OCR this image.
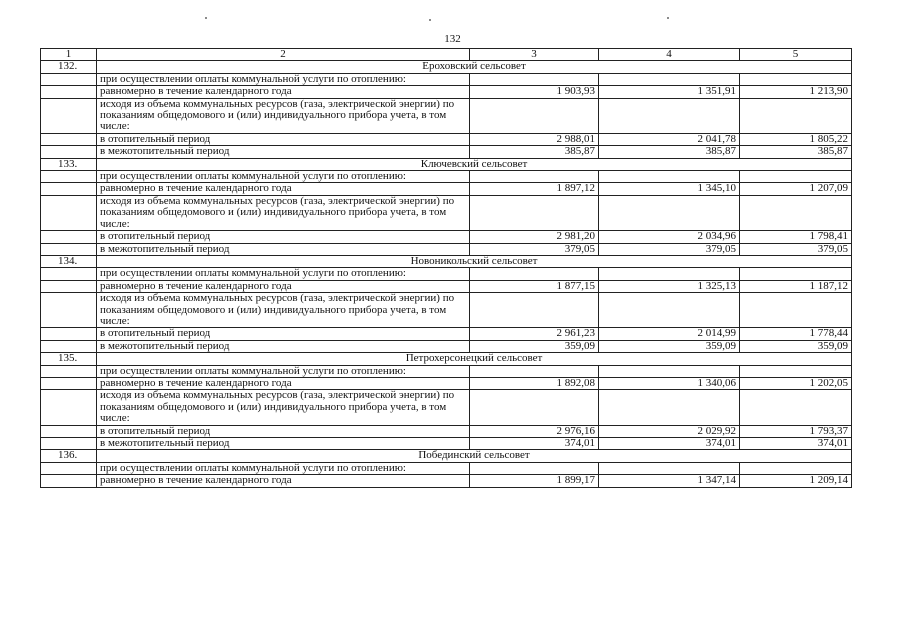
132
1	2	3	4	5
132.	Ероховский сельсовет			
	при осуществлении оплаты коммунальной услуги по отоплению:			
	равномерно в течение календарного года	1 903,93	1 351,91	1 213,90
	исходя из объема коммунальных ресурсов (газа, электрической энергии) по показаниям общедомового и (или) индивидуального прибора учета, в том числе:			
	в отопительный период	2 988,01	2 041,78	1 805,22
	в межотопительный период	385,87	385,87	385,87
133.	Ключевский сельсовет			
	при осуществлении оплаты коммунальной услуги по отоплению:			
	равномерно в течение календарного года	1 897,12	1 345,10	1 207,09
	исходя из объема коммунальных ресурсов (газа, электрической энергии) по показаниям общедомового и (или) индивидуального прибора учета, в том числе:			
	в отопительный период	2 981,20	2 034,96	1 798,41
	в межотопительный период	379,05	379,05	379,05
134.	Новоникольский сельсовет			
	при осуществлении оплаты коммунальной услуги по отоплению:			
	равномерно в течение календарного года	1 877,15	1 325,13	1 187,12
	исходя из объема коммунальных ресурсов (газа, электрической энергии) по показаниям общедомового и (или) индивидуального прибора учета, в том числе:			
	в отопительный период	2 961,23	2 014,99	1 778,44
	в межотопительный период	359,09	359,09	359,09
135.	Петрохерсонецкий сельсовет			
	при осуществлении оплаты коммунальной услуги по отоплению:			
	равномерно в течение календарного года	1 892,08	1 340,06	1 202,05
	исходя из объема коммунальных ресурсов (газа, электрической энергии) по показаниям общедомового и (или) индивидуального прибора учета, в том числе:			
	в отопительный период	2 976,16	2 029,92	1 793,37
	в межотопительный период	374,01	374,01	374,01
136.	Побединский сельсовет			
	при осуществлении оплаты коммунальной услуги по отоплению:			
	равномерно в течение календарного года	1 899,17	1 347,14	1 209,14
